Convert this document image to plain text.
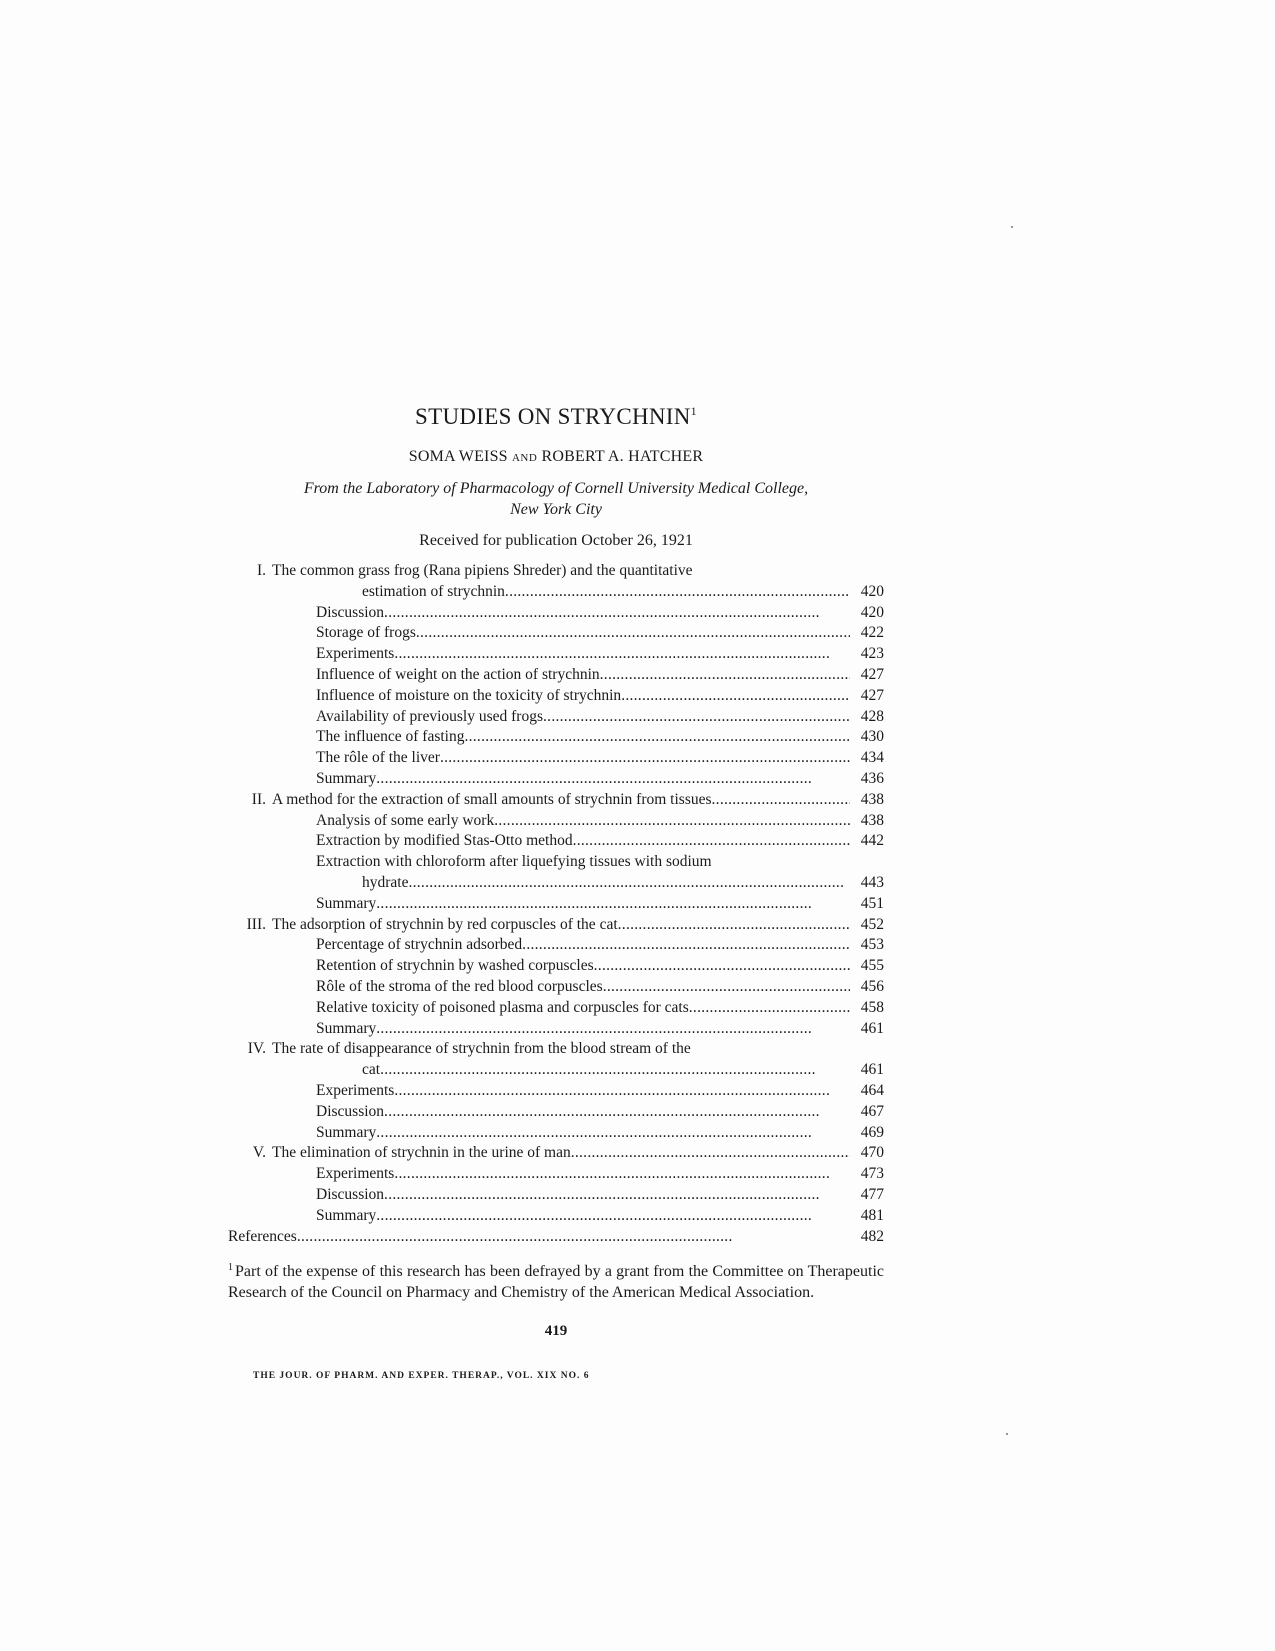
STUDIES ON STRYCHNIN$^1$
SOMA WEISS AND ROBERT A. HATCHER
From the Laboratory of Pharmacology of Cornell University Medical College,
New York City
Received for publication October 26, 1921
I. The common grass frog (Rana pipiens Shreder) and the quantitative
estimation of strychnin . . .	420
Discussion . . .	420
Storage of frogs . . .	422
Experiments . . .	423
Influence of weight on the action of strychnin . . .	427
Influence of moisture on the toxicity of strychnin . . .	427
Availability of previously used frogs . . .	428
The influence of fasting . . .	430
The rôle of the liver . . .	434
Summary . . .	436
II. A method for the extraction of small amounts of strychnin from tissues . . .	438
Analysis of some early work . . .	438
Extraction by modified Stas-Otto method . . .	442
Extraction with chloroform after liquefying tissues with sodium
hydrate . . .	443
Summary . . .	451
III. The adsorption of strychnin by red corpuscles of the cat . . .	452
Percentage of strychnin adsorbed . . .	453
Retention of strychnin by washed corpuscles . . .	455
Rôle of the stroma of the red blood corpuscles . . .	456
Relative toxicity of poisoned plasma and corpuscles for cats . . .	458
Summary . . .	461
IV. The rate of disappearance of strychnin from the blood stream of the
cat . . .	461
Experiments . . .	464
Discussion . . .	467
Summary . . .	469
V. The elimination of strychnin in the urine of man . . .	470
Experiments . . .	473
Discussion . . .	477
Summary . . .	481
References . . .	482
$^1$ Part of the expense of this research has been defrayed by a grant from the Committee on Therapeutic Research of the Council on Pharmacy and Chemistry of the American Medical Association.
419
THE JOUR. OF PHARM. AND EXPER. THERAP., VOL. XIX NO. 6
